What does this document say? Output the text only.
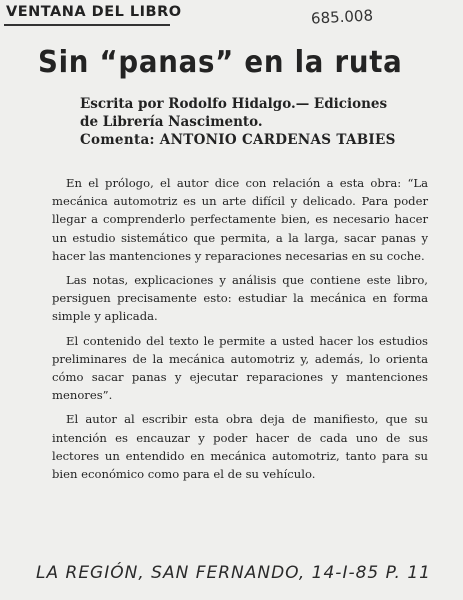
VENTANA DEL LIBRO	685.008
Sin “panas” en la ruta
Escrita por Rodolfo Hidalgo.— Ediciones
de Librería Nascimento.
Comenta: ANTONIO CARDENAS TABIES

En el prólogo, el autor dice con relación a esta obra: “La mecánica automotriz es un arte difícil y delicado. Para poder llegar a comprenderlo perfectamente bien, es necesario hacer un estudio sistemático que permita, a la larga, sacar panas y hacer las mantenciones y reparaciones necesarias en su coche.

Las notas, explicaciones y análisis que contiene este libro, persiguen precisamente esto: estudiar la mecánica en forma simple y aplicada.

El contenido del texto le permite a usted hacer los estudios preliminares de la mecánica automotriz y, además, lo orienta cómo sacar panas y ejecutar reparaciones y mantenciones menores”.

El autor al escribir esta obra deja de manifiesto, que su intención es encauzar y poder hacer de cada uno de sus lectores un entendido en mecánica automotriz, tanto para su bien económico como para el de su vehículo.

LA REGIÓN, SAN FERNANDO, 14-I-85 P. 11
